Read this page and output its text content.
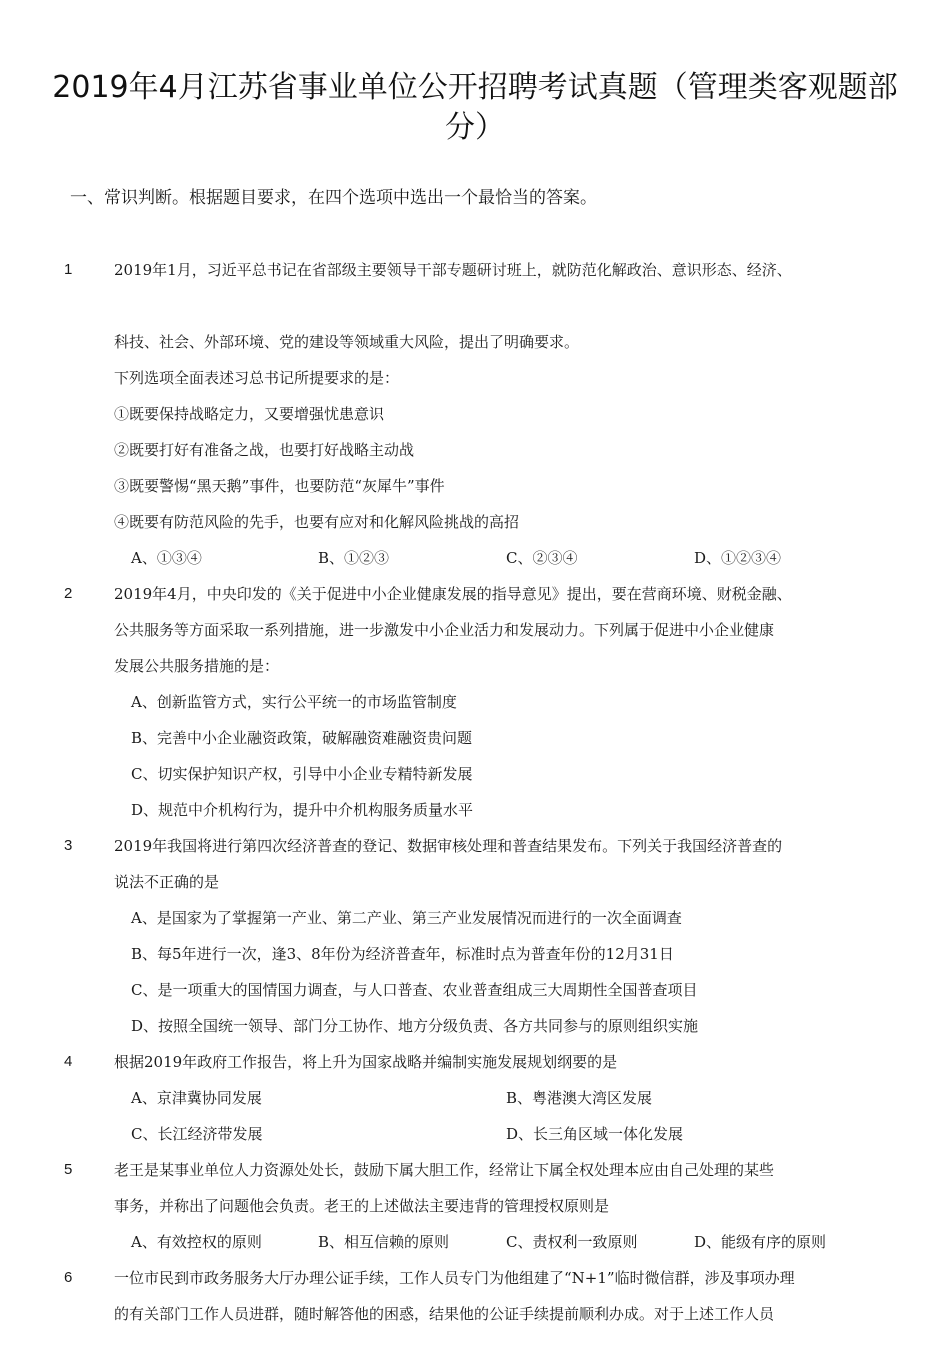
2019年4月江苏省事业单位公开招聘考试真题（管理类客观题部
分）
一、常识判断。根据题目要求，在四个选项中选出一个最恰当的答案。
1	2019年1月，习近平总书记在省部级主要领导干部专题研讨班上，就防范化解政治、意识形态、经济、
科技、社会、外部环境、党的建设等领域重大风险，提出了明确要求。
下列选项全面表述习总书记所提要求的是：
①既要保持战略定力，又要增强忧患意识
②既要打好有准备之战，也要打好战略主动战
③既要警惕“黑天鹅”事件，也要防范“灰犀牛”事件
④既要有防范风险的先手，也要有应对和化解风险挑战的高招
A、①③④	B、①②③	C、②③④	D、①②③④
2	2019年4月，中央印发的《关于促进中小企业健康发展的指导意见》提出，要在营商环境、财税金融、
公共服务等方面采取一系列措施，进一步激发中小企业活力和发展动力。下列属于促进中小企业健康
发展公共服务措施的是：
A、创新监管方式，实行公平统一的市场监管制度
B、完善中小企业融资政策，破解融资难融资贵问题
C、切实保护知识产权，引导中小企业专精特新发展
D、规范中介机构行为，提升中介机构服务质量水平
3	2019年我国将进行第四次经济普查的登记、数据审核处理和普查结果发布。下列关于我国经济普查的
说法不正确的是
A、是国家为了掌握第一产业、第二产业、第三产业发展情况而进行的一次全面调查
B、每5年进行一次，逢3、8年份为经济普查年，标准时点为普查年份的12月31日
C、是一项重大的国情国力调查，与人口普查、农业普查组成三大周期性全国普查项目
D、按照全国统一领导、部门分工协作、地方分级负责、各方共同参与的原则组织实施
4	根据2019年政府工作报告，将上升为国家战略并编制实施发展规划纲要的是
A、京津冀协同发展	B、粤港澳大湾区发展
C、长江经济带发展	D、长三角区域一体化发展
5	老王是某事业单位人力资源处处长，鼓励下属大胆工作，经常让下属全权处理本应由自己处理的某些
事务，并称出了问题他会负责。老王的上述做法主要违背的管理授权原则是
A、有效控权的原则	B、相互信赖的原则	C、责权利一致原则	D、能级有序的原则
6	一位市民到市政务服务大厅办理公证手续，工作人员专门为他组建了“N+1”临时微信群，涉及事项办理
的有关部门工作人员进群，随时解答他的困惑，结果他的公证手续提前顺利办成。对于上述工作人员
